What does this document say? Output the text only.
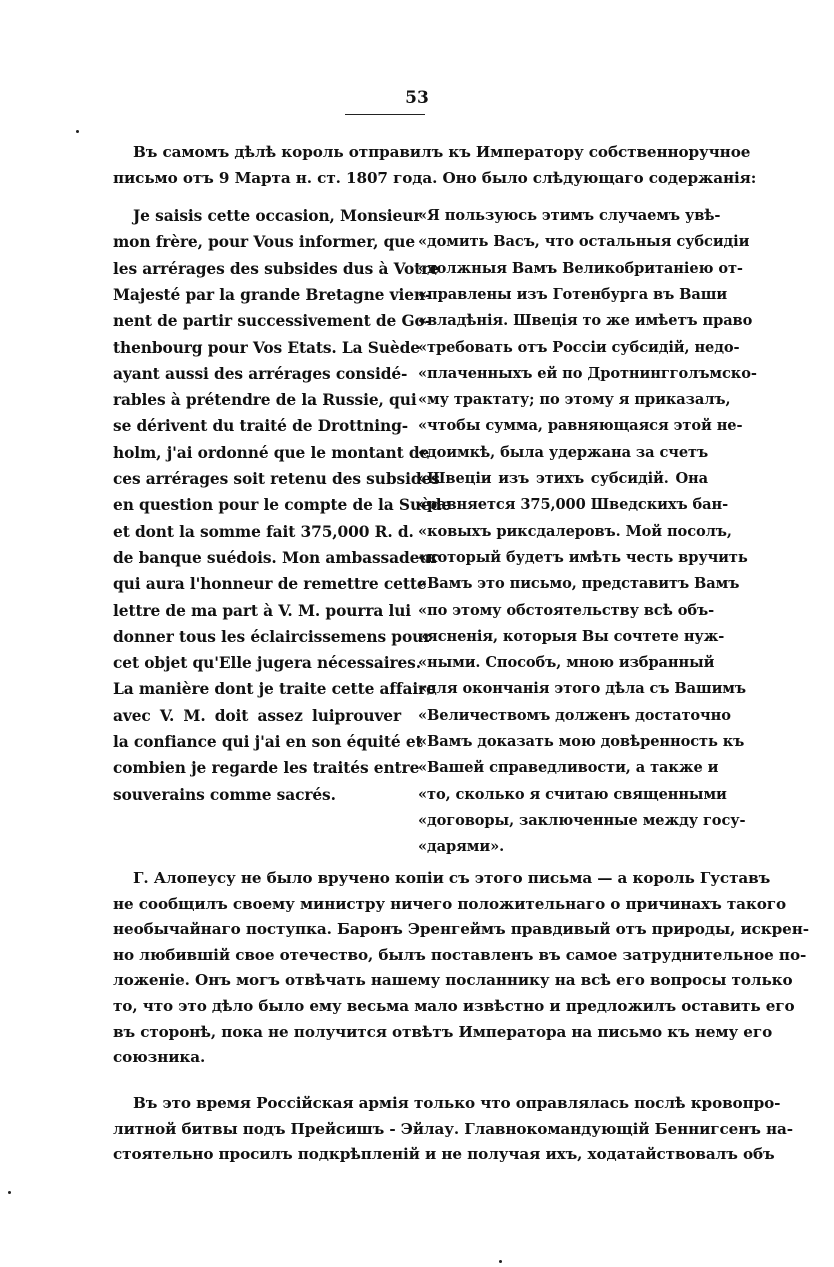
53
Въ самомъ дѣлѣ король отправилъ къ Императору собственноручное
письмо отъ 9 Марта н. ст. 1807 года. Оно было слѣдующаго содержанія:
Je saisis cette occasion, Monsieur
mon frère, pour Vous informer, que
les arrérages des subsides dus à Votre
Majesté par la grande Bretagne vien-
nent de partir successivement de Go-
thenbourg pour Vos Etats. La Suède
ayant aussi des arrérages considé-
rables à prétendre de la Russie, qui
se dérivent du traité de Drottning-
holm, j'ai ordonné que le montant de
ces arrérages soit retenu des subsides
en question pour le compte de la Suède
et dont la somme fait 375,000 R. d.
de banque suédois. Mon ambassadeur
qui aura l'honneur de remettre cette
lettre de ma part à V. M. pourra lui
donner tous les éclaircissemens pour
cet objet qu'Elle jugera nécessaires.
La manière dont je traite cette affaire
avec V. M. doit assez luiprouver
la confiance qui j'ai en son équité et
combien je regarde les traités entre
souverains comme sacrés.
«Я пользуюсь этимъ случаемъ увѣ-
«домить Васъ, что остальныя субсидіи
«должныя Вамъ Великобританіею от-
«правлены изъ Готенбурга въ Ваши
«владѣнія. Швеція то же имѣетъ право
«требовать отъ Россіи субсидій, недо-
«плаченныхъ ей по Дротнингголъмско-
«му трактату; по этому я приказалъ,
«чтобы сумма, равняющаяся этой не-
«доимкѣ, была удержана за счетъ
«Швеціи изъ этихъ субсидій. Она
«равняется 375,000 Шведскихъ бан-
«ковыхъ риксдалеровъ. Мой посолъ,
«который будетъ имѣть честь вручить
«Вамъ это письмо, представитъ Вамъ
«по этому обстоятельству всѣ объ-
«ясненія, которыя Вы сочтете нуж-
«ными. Способъ, мною избранный
«для окончанія этого дѣла съ Вашимъ
«Величествомъ долженъ достаточно
«Вамъ доказать мою довѣренность къ
«Вашей справедливости, а также и
«то, сколько я считаю священными
«договоры, заключенные между госу-
«дарями».
Г. Алопеусу не было вручено копіи съ этого письма — а король Густавъ
не сообщилъ своему министру ничего положительнаго о причинахъ такого
необычайнаго поступка. Баронъ Эренгеймъ правдивый отъ природы, искрен-
но любившій свое отечество, былъ поставленъ въ самое затруднительное по-
ложеніе. Онъ могъ отвѣчать нашему посланнику на всѣ его вопросы только
то, что это дѣло было ему весьма мало извѣстно и предложилъ оставить его
въ сторонѣ, пока не получится отвѣтъ Императора на письмо къ нему его
союзника.
Въ это время Россійская армія только что оправлялась послѣ кровопро-
литной битвы подъ Прейсишъ - Эйлау. Главнокомандующій Беннигсенъ на-
стоятельно просилъ подкрѣпленій и не получая ихъ, ходатайствовалъ объ
